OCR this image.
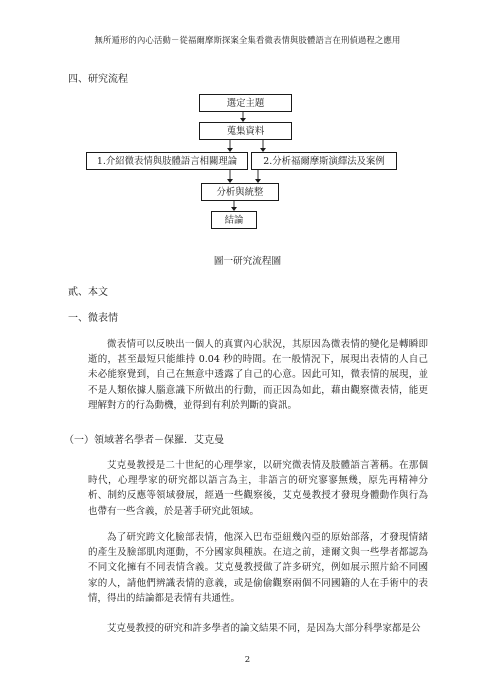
無所遁形的內心活動－從福爾摩斯探案全集看微表情與肢體語言在刑偵過程之應用
四、研究流程
選定主題
蒐集資料
1.介紹微表情與肢體語言相關理論	2.分析福爾摩斯演繹法及案例
分析與統整
結論
圖一研究流程圖
貳、本文
一、微表情

微表情可以反映出一個人的真實內心狀況，其原因為微表情的變化是轉瞬即逝的，甚至最短只能維持 0.04 秒的時間。在一般情況下，展現出表情的人自己未必能察覺到，自己在無意中透露了自己的心意。因此可知，微表情的展現，並不是人類依據人腦意識下所做出的行動，而正因為如此，藉由觀察微表情，能更理解對方的行為動機，並得到有利於判斷的資訊。

（一）領域著名學者－保羅．艾克曼

艾克曼教授是二十世紀的心理學家，以研究微表情及肢體語言著稱。在那個時代，心理學家的研究都以語言為主，非語言的研究寥寥無幾，原先再精神分析、制約反應等領域發展，經過一些觀察後，艾克曼教授才發現身體動作與行為也帶有一些含義，於是著手研究此領域。

為了研究跨文化臉部表情，他深入巴布亞紐幾內亞的原始部落，才發現情緒的產生及臉部肌肉運動，不分國家與種族。在這之前，達爾文與一些學者都認為不同文化擁有不同表情含義。艾克曼教授做了許多研究，例如展示照片給不同國家的人，請他們辨識表情的意義，或是偷偷觀察兩個不同國籍的人在手術中的表情，得出的結論都是表情有共通性。

艾克曼教授的研究和許多學者的論文結果不同，是因為大部分科學家都是公

2
